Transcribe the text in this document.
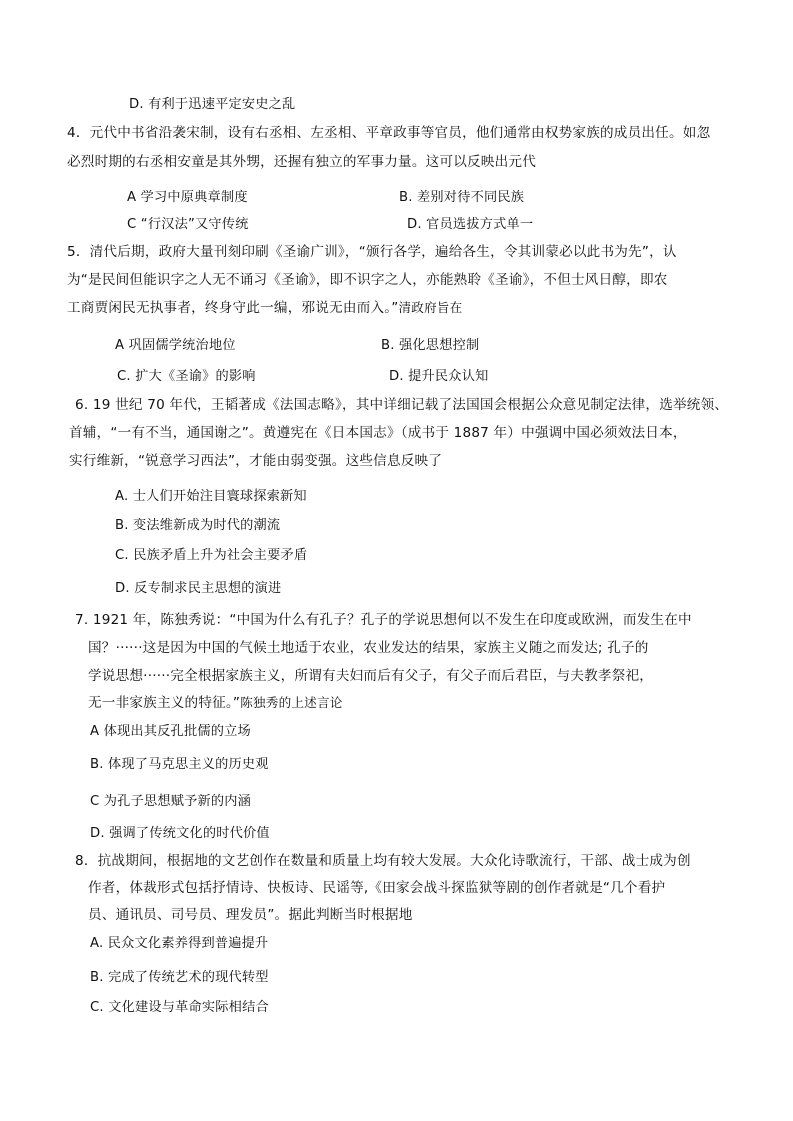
D. 有利于迅速平定安史之乱
4．元代中书省沿袭宋制，设有右丞相、左丞相、平章政事等官员，他们通常由权势家族的成员出任。如忽
必烈时期的右丞相安童是其外甥，还握有独立的军事力量。这可以反映出元代
A 学习中原典章制度	B. 差别对待不同民族
C “行汉法”又守传统	D. 官员选拔方式单一
5．清代后期，政府大量刊刻印刷《圣谕广训》，“颁行各学，遍给各生，令其训蒙必以此书为先”，认
为“是民间但能识字之人无不诵习《圣谕》，即不识字之人，亦能熟聆《圣谕》，不但士风日醇，即农
工商贾闲民无执事者，终身守此一编，邪说无由而入。”清政府旨在
A 巩固儒学统治地位	B. 强化思想控制
C. 扩大《圣谕》的影响	D. 提升民众认知
6. 19 世纪 70 年代，王韬著成《法国志略》，其中详细记载了法国国会根据公众意见制定法律，选举统领、
首辅，“一有不当，通国谢之”。黄遵宪在《日本国志》（成书于 1887 年）中强调中国必须效法日本，
实行维新，“锐意学习西法”，才能由弱变强。这些信息反映了
A. 士人们开始注目寰球探索新知
B. 变法维新成为时代的潮流
C. 民族矛盾上升为社会主要矛盾
D. 反专制求民主思想的演进
7. 1921 年，陈独秀说：“中国为什么有孔子？孔子的学说思想何以不发生在印度或欧洲，而发生在中
国？······这是因为中国的气候土地适于农业，农业发达的结果，家族主义随之而发达; 孔子的
学说思想······完全根据家族主义，所谓有夫妇而后有父子，有父子而后君臣，与夫教孝祭祀，
无一非家族主义的特征。”陈独秀的上述言论
A 体现出其反孔批儒的立场
B. 体现了马克思主义的历史观
C 为孔子思想赋予新的内涵
D. 强调了传统文化的时代价值
8．抗战期间，根据地的文艺创作在数量和质量上均有较大发展。大众化诗歌流行，干部、战士成为创
作者，体裁形式包括抒情诗、快板诗、民谣等,《田家会战斗探监狱等剧的创作者就是“几个看护
员、通讯员、司号员、理发员”。据此判断当时根据地
A. 民众文化素养得到普遍提升
B. 完成了传统艺术的现代转型
C. 文化建设与革命实际相结合
